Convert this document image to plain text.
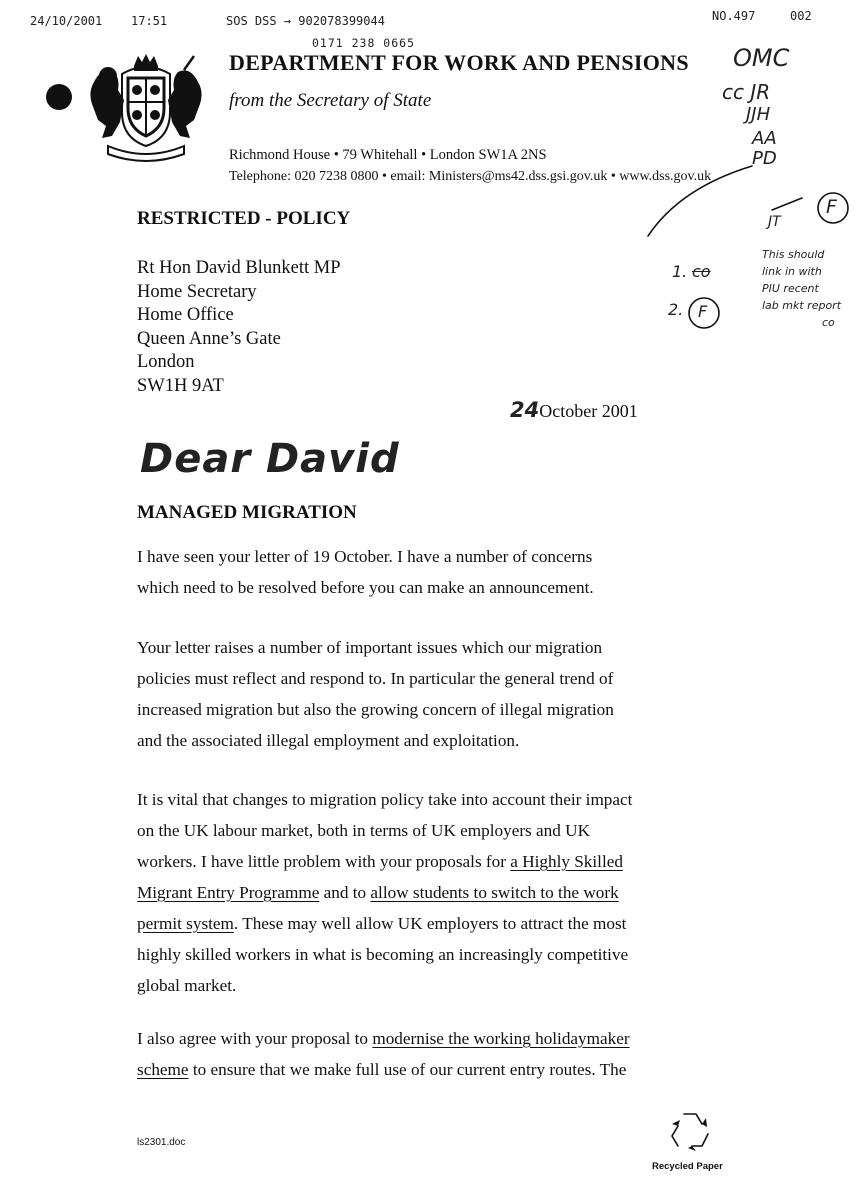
24/10/2001 17:51	SOS DSS → 902078399044	NO.497	002
0171 238 0665
DEPARTMENT FOR WORK AND PENSIONS
from the Secretary of State
Richmond House • 79 Whitehall • London SW1A 2NS
Telephone: 020 7238 0800 • email: Ministers@ms42.dss.gsi.gov.uk • www.dss.gov.uk
OMC
cc JR
JJH
AA
PD
F
JT
This should
link in with
PIU recent
lab mkt report
co
1. co
2. F
RESTRICTED - POLICY
Rt Hon David Blunkett MP
Home Secretary
Home Office
Queen Anne’s Gate
London
SW1H 9AT
24October 2001
Dear David
MANAGED MIGRATION
I have seen your letter of 19 October. I have a number of concerns
which need to be resolved before you can make an announcement.
Your letter raises a number of important issues which our migration
policies must reflect and respond to. In particular the general trend of
increased migration but also the growing concern of illegal migration
and the associated illegal employment and exploitation.
It is vital that changes to migration policy take into account their impact
on the UK labour market, both in terms of UK employers and UK
workers. I have little problem with your proposals for a Highly Skilled
Migrant Entry Programme and to allow students to switch to the work
permit system. These may well allow UK employers to attract the most
highly skilled workers in what is becoming an increasingly competitive
global market.
I also agree with your proposal to modernise the working holidaymaker
scheme to ensure that we make full use of our current entry routes. The
ls2301.doc
Recycled Paper
